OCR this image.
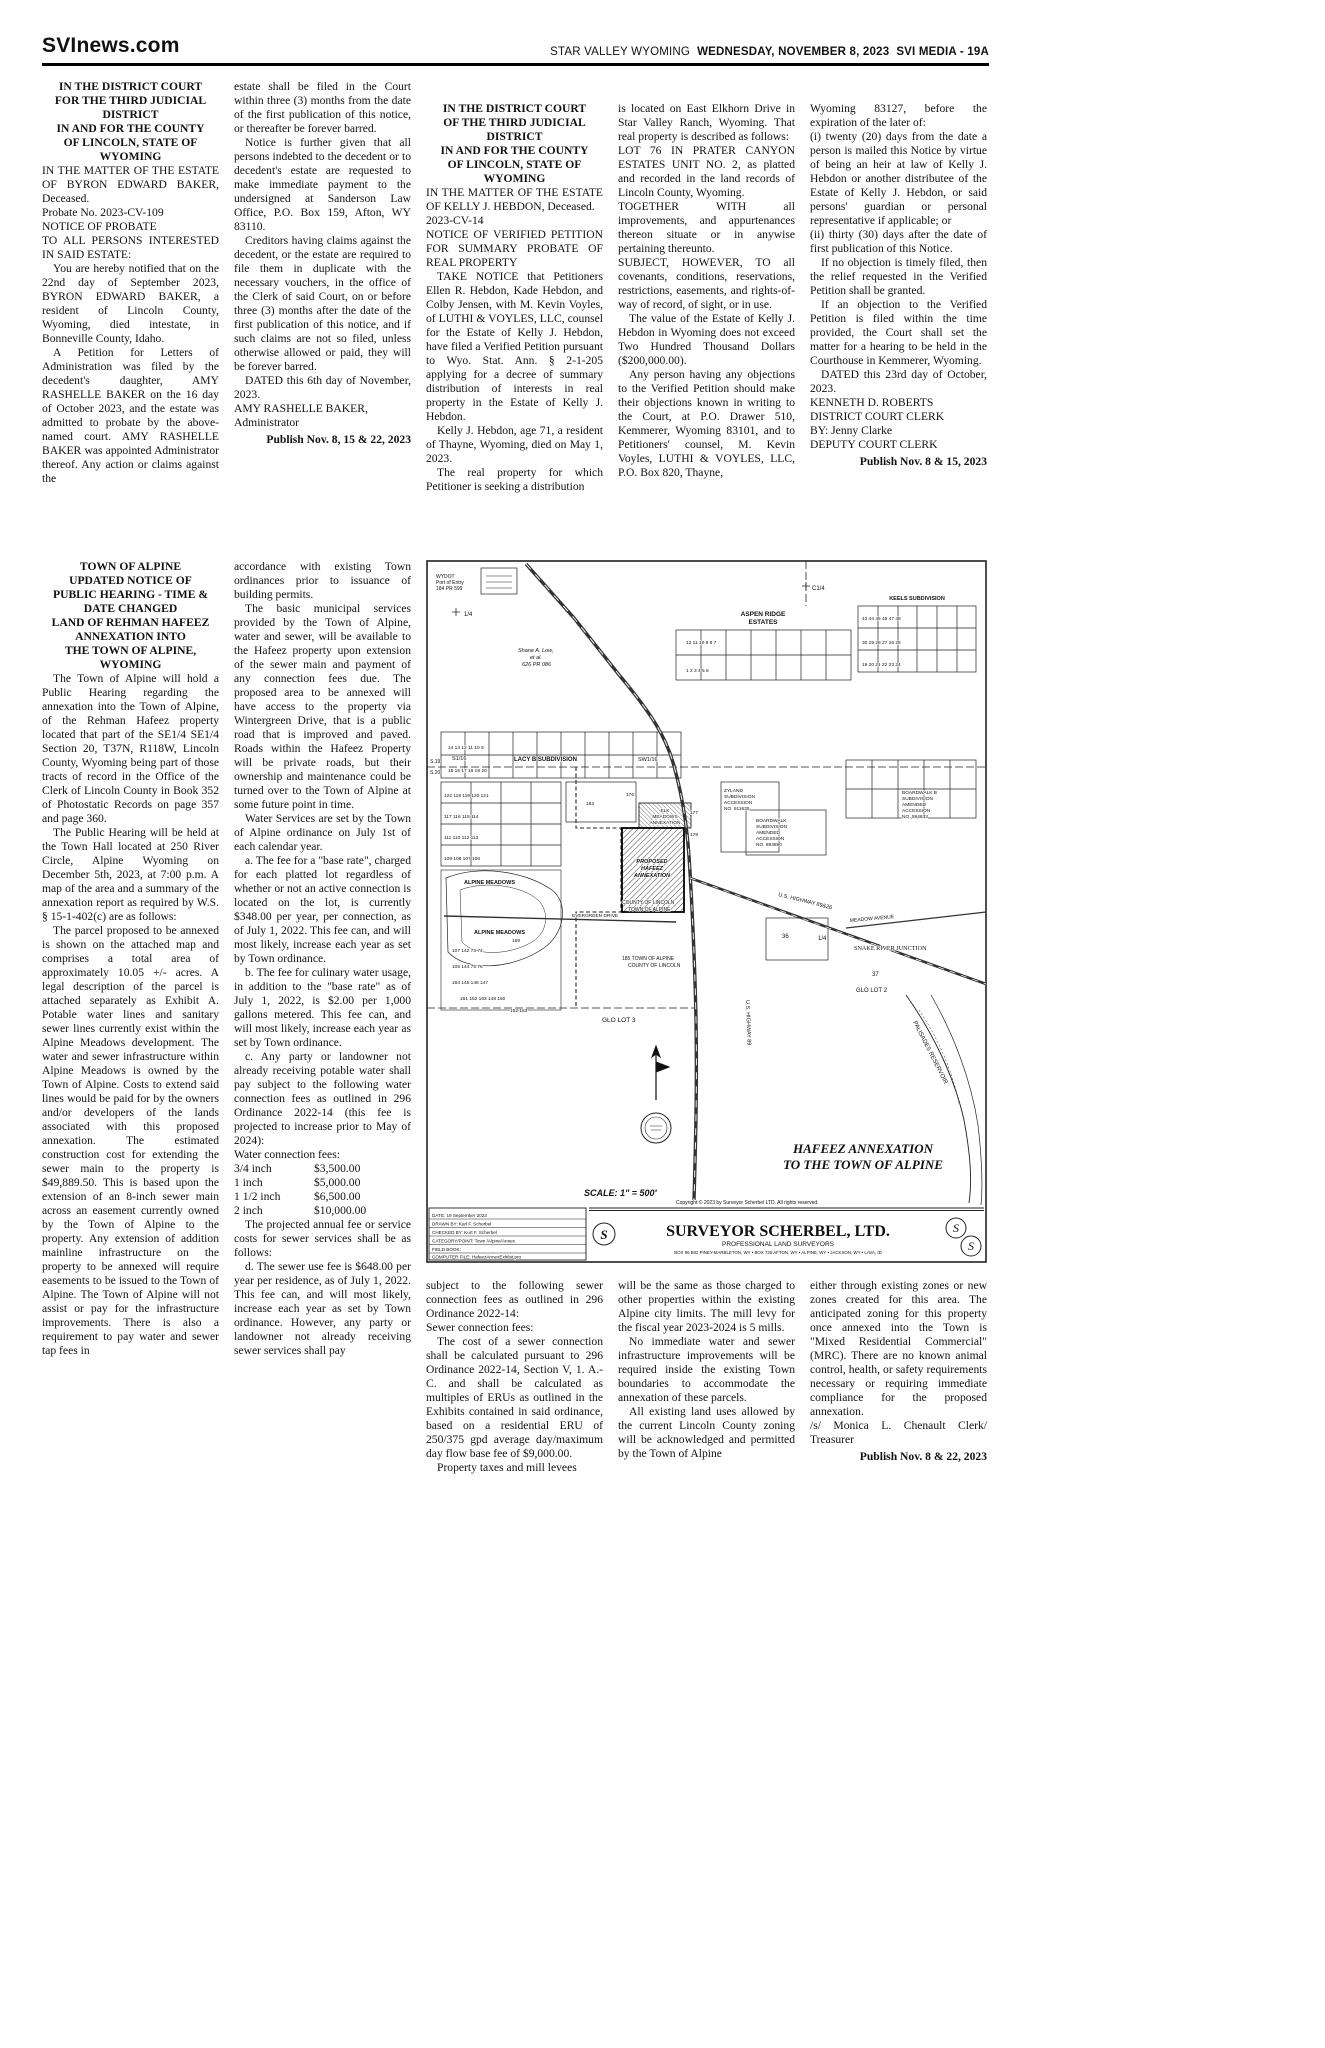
SVInews.com	STAR VALLEY WYOMING WEDNESDAY, NOVEMBER 8, 2023 SVI MEDIA - 19A
IN THE DISTRICT COURT
FOR THE THIRD JUDICIAL
DISTRICT
IN AND FOR THE COUNTY
OF LINCOLN, STATE OF
WYOMING
IN THE MATTER OF THE ESTATE OF BYRON EDWARD BAKER, Deceased.
Probate No. 2023-CV-109
NOTICE OF PROBATE
TO ALL PERSONS INTERESTED IN SAID ESTATE:
You are hereby notified that on the 22nd day of September 2023, BYRON EDWARD BAKER, a resident of Lincoln County, Wyoming, died intestate, in Bonneville County, Idaho.
A Petition for Letters of Administration was filed by the decedent's daughter, AMY RASHELLE BAKER on the 16 day of October 2023, and the estate was admitted to probate by the above-named court. AMY RASHELLE BAKER was appointed Administrator thereof. Any action or claims against the
estate shall be filed in the Court within three (3) months from the date of the first publication of this notice, or thereafter be forever barred.
Notice is further given that all persons indebted to the decedent or to decedent's estate are requested to make immediate payment to the undersigned at Sanderson Law Office, P.O. Box 159, Afton, WY 83110.
Creditors having claims against the decedent, or the estate are required to file them in duplicate with the necessary vouchers, in the office of the Clerk of said Court, on or before three (3) months after the date of the first publication of this notice, and if such claims are not so filed, unless otherwise allowed or paid, they will be forever barred.
DATED this 6th day of November, 2023.
AMY RASHELLE BAKER,
Administrator
Publish Nov. 8, 15 & 22, 2023
IN THE DISTRICT COURT
OF THE THIRD JUDICIAL
DISTRICT
IN AND FOR THE COUNTY
OF LINCOLN, STATE OF
WYOMING
IN THE MATTER OF THE ESTATE OF KELLY J. HEBDON, Deceased.
2023-CV-14
NOTICE OF VERIFIED PETITION FOR SUMMARY PROBATE OF REAL PROPERTY
TAKE NOTICE that Petitioners Ellen R. Hebdon, Kade Hebdon, and Colby Jensen, with M. Kevin Voyles, of LUTHI & VOYLES, LLC, counsel for the Estate of Kelly J. Hebdon, have filed a Verified Petition pursuant to Wyo. Stat. Ann. § 2-1-205 applying for a decree of summary distribution of interests in real property in the Estate of Kelly J. Hebdon.
Kelly J. Hebdon, age 71, a resident of Thayne, Wyoming, died on May 1, 2023.
The real property for which Petitioner is seeking a distribution
is located on East Elkhorn Drive in Star Valley Ranch, Wyoming. That real property is described as follows:
LOT 76 IN PRATER CANYON ESTATES UNIT NO. 2, as platted and recorded in the land records of Lincoln County, Wyoming.
TOGETHER WITH all improvements, and appurtenances thereon situate or in anywise pertaining thereunto.
SUBJECT, HOWEVER, TO all covenants, conditions, reservations, restrictions, easements, and rights-of-way of record, of sight, or in use.
The value of the Estate of Kelly J. Hebdon in Wyoming does not exceed Two Hundred Thousand Dollars ($200,000.00).
Any person having any objections to the Verified Petition should make their objections known in writing to the Court, at P.O. Drawer 510, Kemmerer, Wyoming 83101, and to Petitioners' counsel, M. Kevin Voyles, LUTHI & VOYLES, LLC, P.O. Box 820, Thayne,
Wyoming 83127, before the expiration of the later of:
(i) twenty (20) days from the date a person is mailed this Notice by virtue of being an heir at law of Kelly J. Hebdon or another distributee of the Estate of Kelly J. Hebdon, or said persons' guardian or personal representative if applicable; or
(ii) thirty (30) days after the date of first publication of this Notice.
If no objection is timely filed, then the relief requested in the Verified Petition shall be granted.
If an objection to the Verified Petition is filed within the time provided, the Court shall set the matter for a hearing to be held in the Courthouse in Kemmerer, Wyoming.
DATED this 23rd day of October, 2023.
KENNETH D. ROBERTS
DISTRICT COURT CLERK
BY: Jenny Clarke
DEPUTY COURT CLERK
Publish Nov. 8 & 15, 2023
TOWN OF ALPINE
UPDATED NOTICE OF
PUBLIC HEARING - TIME &
DATE CHANGED
LAND OF REHMAN HAFEEZ
ANNEXATION INTO
THE TOWN OF ALPINE,
WYOMING
The Town of Alpine will hold a Public Hearing regarding the annexation into the Town of Alpine, of the Rehman Hafeez property located that part of the SE1/4 SE1/4 Section 20, T37N, R118W, Lincoln County, Wyoming being part of those tracts of record in the Office of the Clerk of Lincoln County in Book 352 of Photostatic Records on page 357 and page 360.
The Public Hearing will be held at the Town Hall located at 250 River Circle, Alpine Wyoming on December 5th, 2023, at 7:00 p.m. A map of the area and a summary of the annexation report as required by W.S. § 15-1-402(c) are as follows:
The parcel proposed to be annexed is shown on the attached map and comprises a total area of approximately 10.05 +/- acres. A legal description of the parcel is attached separately as Exhibit A. Potable water lines and sanitary sewer lines currently exist within the Alpine Meadows development. The water and sewer infrastructure within Alpine Meadows is owned by the Town of Alpine. Costs to extend said lines would be paid for by the owners and/or developers of the lands associated with this proposed annexation. The estimated construction cost for extending the sewer main to the property is $49,889.50. This is based upon the extension of an 8-inch sewer main across an easement currently owned by the Town of Alpine to the property. Any extension of addition mainline infrastructure on the property to be annexed will require easements to be issued to the Town of Alpine. The Town of Alpine will not assist or pay for the infrastructure improvements. There is also a requirement to pay water and sewer tap fees in
accordance with existing Town ordinances prior to issuance of building permits.
The basic municipal services provided by the Town of Alpine, water and sewer, will be available to the Hafeez property upon extension of the sewer main and payment of any connection fees due. The proposed area to be annexed will have access to the property via Wintergreen Drive, that is a public road that is improved and paved. Roads within the Hafeez Property will be private roads, but their ownership and maintenance could be turned over to the Town of Alpine at some future point in time.
Water Services are set by the Town of Alpine ordinance on July 1st of each calendar year.
a. The fee for a "base rate", charged for each platted lot regardless of whether or not an active connection is located on the lot, is currently $348.00 per year, per connection, as of July 1, 2022. This fee can, and will most likely, increase each year as set by Town ordinance.
b. The fee for culinary water usage, in addition to the "base rate" as of July 1, 2022, is $2.00 per 1,000 gallons metered. This fee can, and will most likely, increase each year as set by Town ordinance.
c. Any party or landowner not already receiving potable water shall pay subject to the following water connection fees as outlined in 296 Ordinance 2022-14 (this fee is projected to increase prior to May of 2024):
Water connection fees:
3/4 inch	$3,500.00
1 inch	$5,000.00
1 1/2 inch	$6,500.00
2 inch	$10,000.00
The projected annual fee or service costs for sewer services shall be as follows:
d. The sewer use fee is $648.00 per year per residence, as of July 1, 2022. This fee can, and will most likely, increase each year as set by Town ordinance. However, any party or landowner not already receiving sewer services shall pay
WYDOT
Port of Entry
184 PR 599
1/4
C1/4
ASPEN RIDGE
ESTATES
KEELS SUBDIVISION
12 11 10 9 8 7
1 2 3 4 5 6
43 44 45 46 47 48
30 29 28 27 26 25
19 20 21 22 23 24
Shane A. Low,
et al.
626 PR 086
S1/16
S.19
S.20
LACY B SUBDIVISION	SW1/16
14 13 12 11 10 9
15 16 17 18 19 20
122 118 119 120 121
117 116 115 114
111 110 112 113
109 108 107 106
183
176
177
178
ZYLAND
SUBDIVISION
ACCESSION
NO. 911635
BOARDWALK
SUBDIVISION
AMENDED
ACCESSION
NO. 893890
BOARDWALK B
SUBDIVISION
AMENDED
ACCESSION
NO. 594633
ELK
MEADOWS
ANNEXATION
PROPOSED
HAFEEZ
ANNEXATION
ALPINE MEADOWS
COUNTY OF LINCOLN
TOWN OF ALPINE
EVERGREEN DRIVE
ALPINE MEADOWS
169
107 142 73 74
105 144 75 76
164 145 146 147
161 162 163 148 150
152 153
185 TOWN OF ALPINE
COUNTY OF LINCOLN
U.S. HIGHWAY 89&26
MEADOW AVENUE
SNAKE RIVER JUNCTION
1/4
36
37
GLO LOT 2
GLO LOT 3	U.S. HIGHWAY 89	PALISADES RESERVOIR
HAFEEZ ANNEXATION
TO THE TOWN OF ALPINE
SCALE: 1" = 500'
Copyright © 2023 by Surveyor Scherbel LTD. All rights reserved.
DATE: 19 September 2023
DRAWN BY: Karl F. Scherbel
CHECKED BY: Kurt F. Scherbel
CATEGORY/POINT: Town /Alpine/Annex.
FIELD BOOK:
COMPUTER FILE: HafeezAnnexExhibit.pro
SURVEYOR SCHERBEL, LTD.
PROFESSIONAL LAND SURVEYORS
BOX 96 BIG PINEY-MARBLETON, WY • BOX 725 AFTON, WY • ALPINE, WY • JACKSON, WY • LAVA, ID
S	S
S
subject to the following sewer connection fees as outlined in 296 Ordinance 2022-14:
Sewer connection fees:
The cost of a sewer connection shall be calculated pursuant to 296 Ordinance 2022-14, Section V, 1. A.-C. and shall be calculated as multiples of ERUs as outlined in the Exhibits contained in said ordinance, based on a residential ERU of 250/375 gpd average day/maximum day flow base fee of $9,000.00.
Property taxes and mill levees
will be the same as those charged to other properties within the existing Alpine city limits. The mill levy for the fiscal year 2023-2024 is 5 mills.
No immediate water and sewer infrastructure improvements will be required inside the existing Town boundaries to accommodate the annexation of these parcels.
All existing land uses allowed by the current Lincoln County zoning will be acknowledged and permitted by the Town of Alpine
either through existing zones or new zones created for this area. The anticipated zoning for this property once annexed into the Town is "Mixed Residential Commercial" (MRC). There are no known animal control, health, or safety requirements necessary or requiring immediate compliance for the proposed annexation.
/s/ Monica L. Chenault Clerk/ Treasurer
Publish Nov. 8 & 22, 2023
